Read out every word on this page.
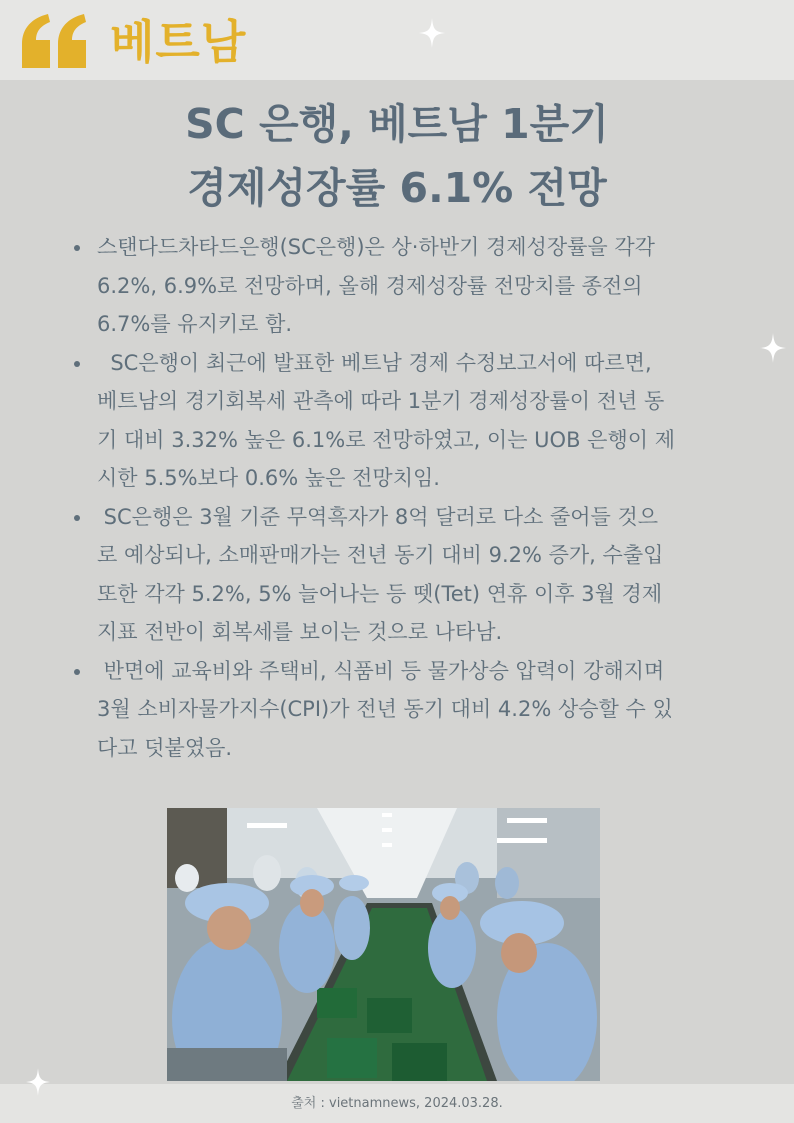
베트남
SC 은행, 베트남 1분기
경제성장률 6.1% 전망
스탠다드차타드은행(SC은행)은 상·하반기 경제성장률을 각각
6.2%, 6.9%로 전망하며, 올해 경제성장률 전망치를 종전의
6.7%를 유지키로 함.
SC은행이 최근에 발표한 베트남 경제 수정보고서에 따르면,
베트남의 경기회복세 관측에 따라 1분기 경제성장률이 전년 동
기 대비 3.32% 높은 6.1%로 전망하였고, 이는 UOB 은행이 제
시한 5.5%보다 0.6% 높은 전망치임.
SC은행은 3월 기준 무역흑자가 8억 달러로 다소 줄어들 것으
로 예상되나, 소매판매가는 전년 동기 대비 9.2% 증가, 수출입
또한 각각 5.2%, 5% 늘어나는 등 뗏(Tet) 연휴 이후 3월 경제
지표 전반이 회복세를 보이는 것으로 나타남.
반면에 교육비와 주택비, 식품비 등 물가상승 압력이 강해지며
3월 소비자물가지수(CPI)가 전년 동기 대비 4.2% 상승할 수 있
다고 덧붙였음.
출처 : vietnamnews, 2024.03.28.
